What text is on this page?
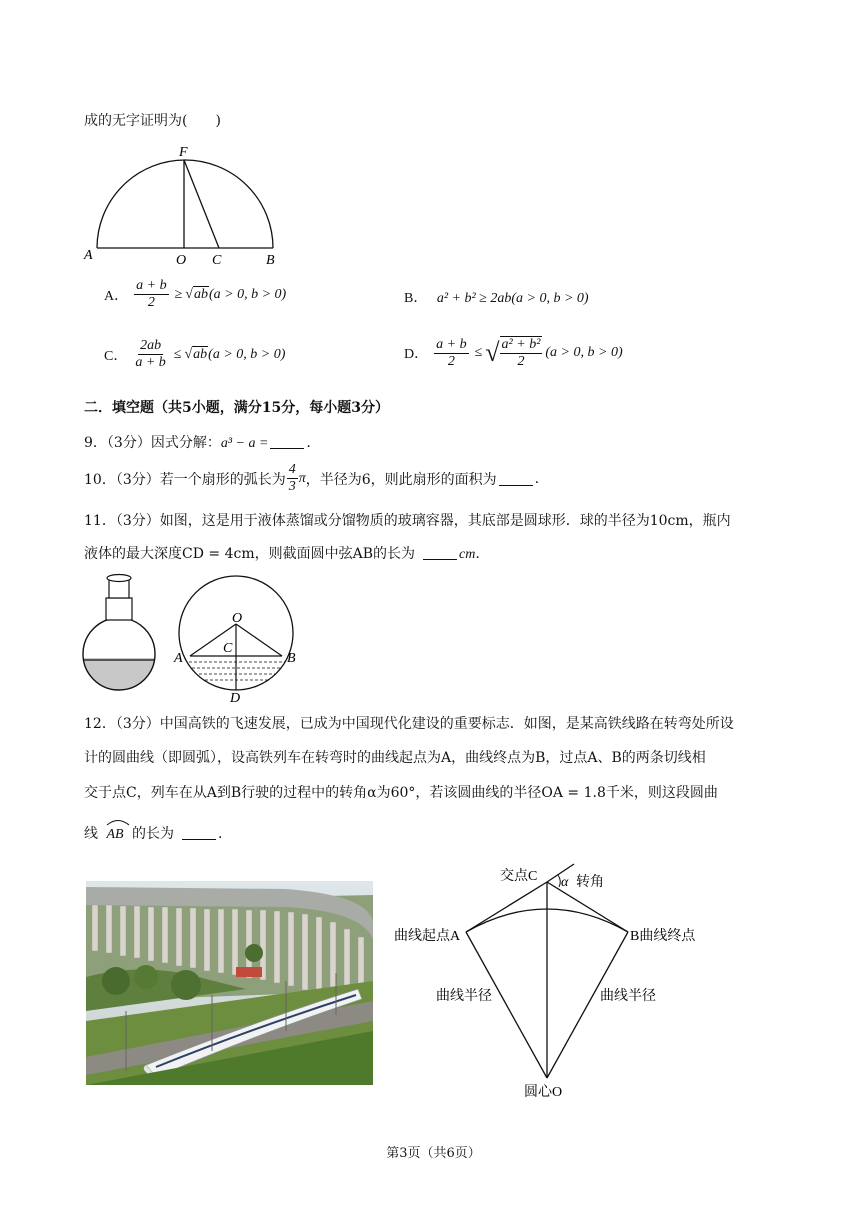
成的无字证明为(　　)
F
A	O C	B
A． $\frac{a + b}{2}$ ≥ √ ab (a > 0, b > 0)	B． a² + b² ≥ 2ab(a > 0, b > 0)
C． $\frac{2ab}{a + b}$ ≤ √ ab (a > 0, b > 0)	D． $\frac{a + b}{2}$ ≤ √ $\frac{\text{a² + b²}}{2} (a > 0$, b > 0)
二．填空题（共5小题，满分15分，每小题3分）
9．（3分）因式分解：a³ − a =	.
10．（3分）若一个扇形的弧长为 $\frac{4}{3}$ π ，半径为6，则此扇形的面积为	.
11．（3分）如图，这是用于液体蒸馏或分馏物质的玻璃容器，其底部是圆球形．球的半径为10cm，瓶内
液体的最大深度CD = 4cm，则截面圆中弦AB的长为	cm.
O
C
A	B
D
12．（3分）中国高铁的飞速发展，已成为中国现代化建设的重要标志．如图，是某高铁线路在转弯处所设
计的圆曲线（即圆弧），设高铁列车在转弯时的曲线起点为A，曲线终点为B，过点A、B的两条切线相
交于点C，列车在从A到B行驶的过程中的转角α为60°，若该圆曲线的半径OA = 1.8千米，则这段圆曲
线 AB 的长为	.
交点C α 转角
曲线起点A	B曲线终点
曲线半径	曲线半径
圆心O
第3页（共6页）
